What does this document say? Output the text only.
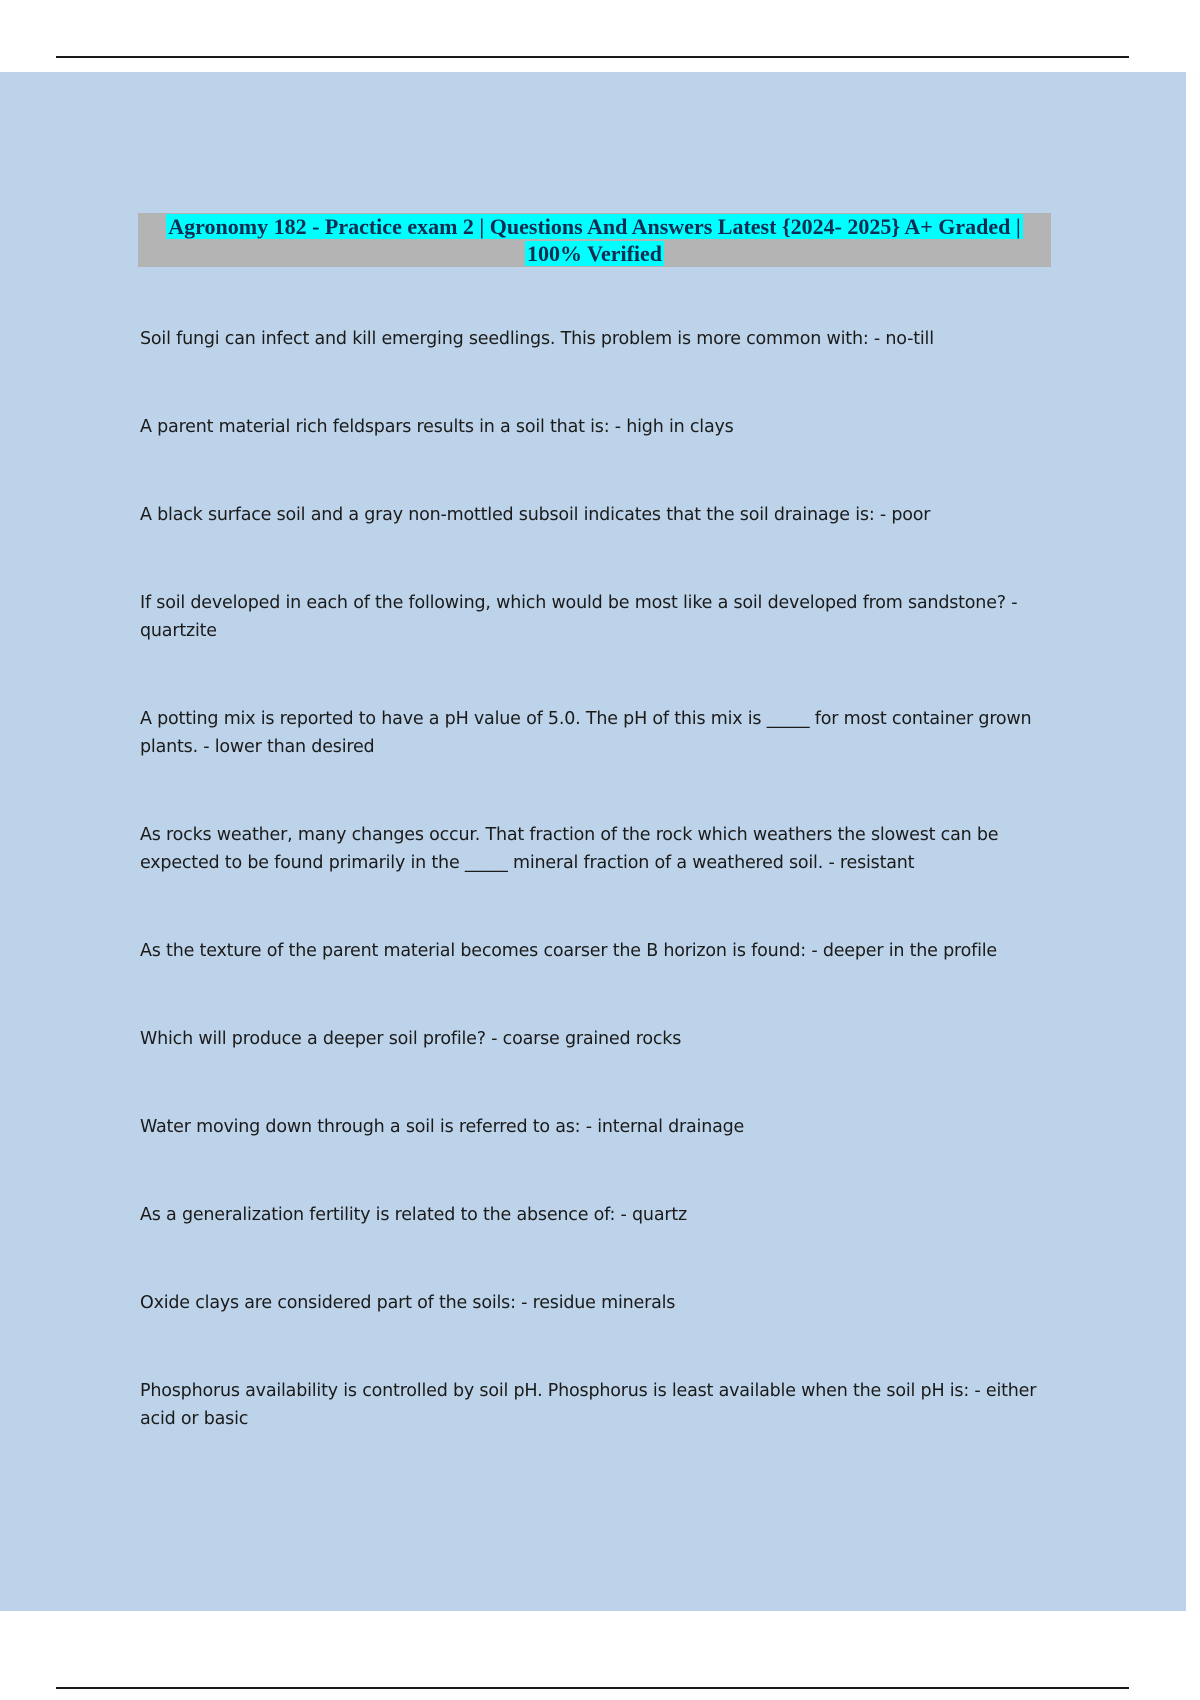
Agronomy 182 - Practice exam 2 | Questions And Answers Latest {2024- 2025} A+ Graded |
100% Verified
Soil fungi can infect and kill emerging seedlings. This problem is more common with: - no-till
A parent material rich feldspars results in a soil that is: - high in clays
A black surface soil and a gray non-mottled subsoil indicates that the soil drainage is: - poor
If soil developed in each of the following, which would be most like a soil developed from sandstone? - quartzite
A potting mix is reported to have a pH value of 5.0. The pH of this mix is _____ for most container grown plants. - lower than desired
As rocks weather, many changes occur. That fraction of the rock which weathers the slowest can be expected to be found primarily in the _____ mineral fraction of a weathered soil. - resistant
As the texture of the parent material becomes coarser the B horizon is found: - deeper in the profile
Which will produce a deeper soil profile? - coarse grained rocks
Water moving down through a soil is referred to as: - internal drainage
As a generalization fertility is related to the absence of: - quartz
Oxide clays are considered part of the soils: - residue minerals
Phosphorus availability is controlled by soil pH. Phosphorus is least available when the soil pH is: - either acid or basic
